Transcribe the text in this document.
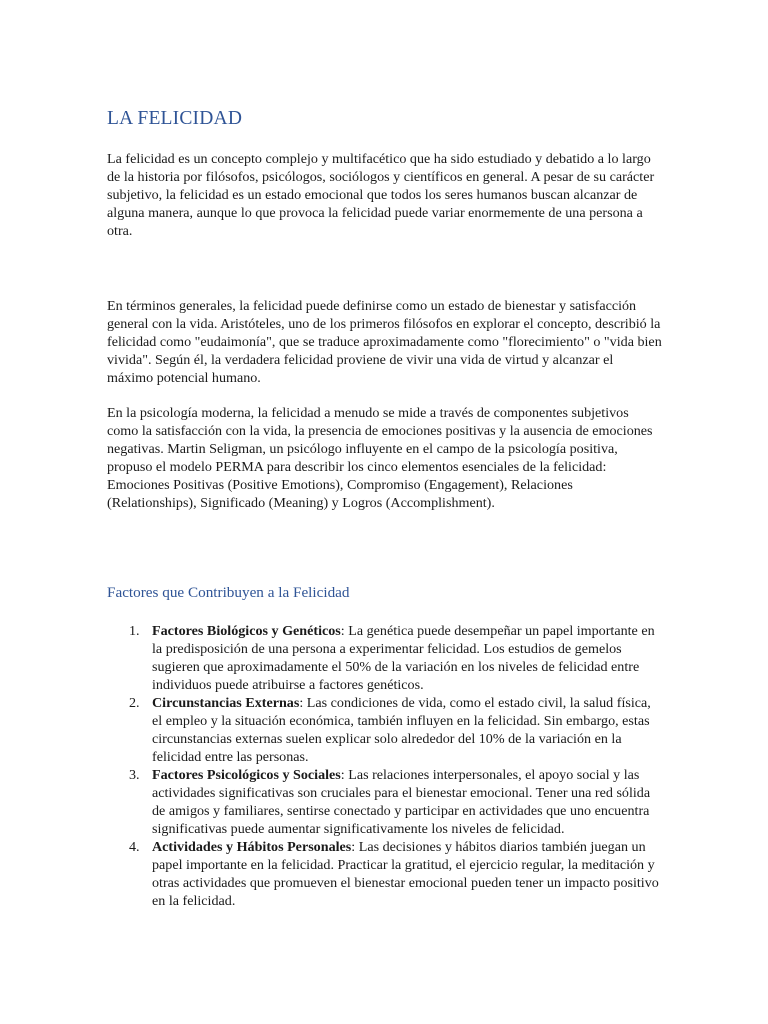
LA FELICIDAD

La felicidad es un concepto complejo y multifacético que ha sido estudiado y debatido a lo largo de la historia por filósofos, psicólogos, sociólogos y científicos en general. A pesar de su carácter subjetivo, la felicidad es un estado emocional que todos los seres humanos buscan alcanzar de alguna manera, aunque lo que provoca la felicidad puede variar enormemente de una persona a otra.

En términos generales, la felicidad puede definirse como un estado de bienestar y satisfacción general con la vida. Aristóteles, uno de los primeros filósofos en explorar el concepto, describió la felicidad como "eudaimonía", que se traduce aproximadamente como "florecimiento" o "vida bien vivida". Según él, la verdadera felicidad proviene de vivir una vida de virtud y alcanzar el máximo potencial humano.

En la psicología moderna, la felicidad a menudo se mide a través de componentes subjetivos como la satisfacción con la vida, la presencia de emociones positivas y la ausencia de emociones negativas. Martin Seligman, un psicólogo influyente en el campo de la psicología positiva, propuso el modelo PERMA para describir los cinco elementos esenciales de la felicidad: Emociones Positivas (Positive Emotions), Compromiso (Engagement), Relaciones (Relationships), Significado (Meaning) y Logros (Accomplishment).

Factores que Contribuyen a la Felicidad
1. Factores Biológicos y Genéticos: La genética puede desempeñar un papel importante en la predisposición de una persona a experimentar felicidad. Los estudios de gemelos sugieren que aproximadamente el 50% de la variación en los niveles de felicidad entre individuos puede atribuirse a factores genéticos.
2. Circunstancias Externas: Las condiciones de vida, como el estado civil, la salud física, el empleo y la situación económica, también influyen en la felicidad. Sin embargo, estas circunstancias externas suelen explicar solo alrededor del 10% de la variación en la felicidad entre las personas.
3. Factores Psicológicos y Sociales: Las relaciones interpersonales, el apoyo social y las actividades significativas son cruciales para el bienestar emocional. Tener una red sólida de amigos y familiares, sentirse conectado y participar en actividades que uno encuentra significativas puede aumentar significativamente los niveles de felicidad.
4. Actividades y Hábitos Personales: Las decisiones y hábitos diarios también juegan un papel importante en la felicidad. Practicar la gratitud, el ejercicio regular, la meditación y otras actividades que promueven el bienestar emocional pueden tener un impacto positivo en la felicidad.
